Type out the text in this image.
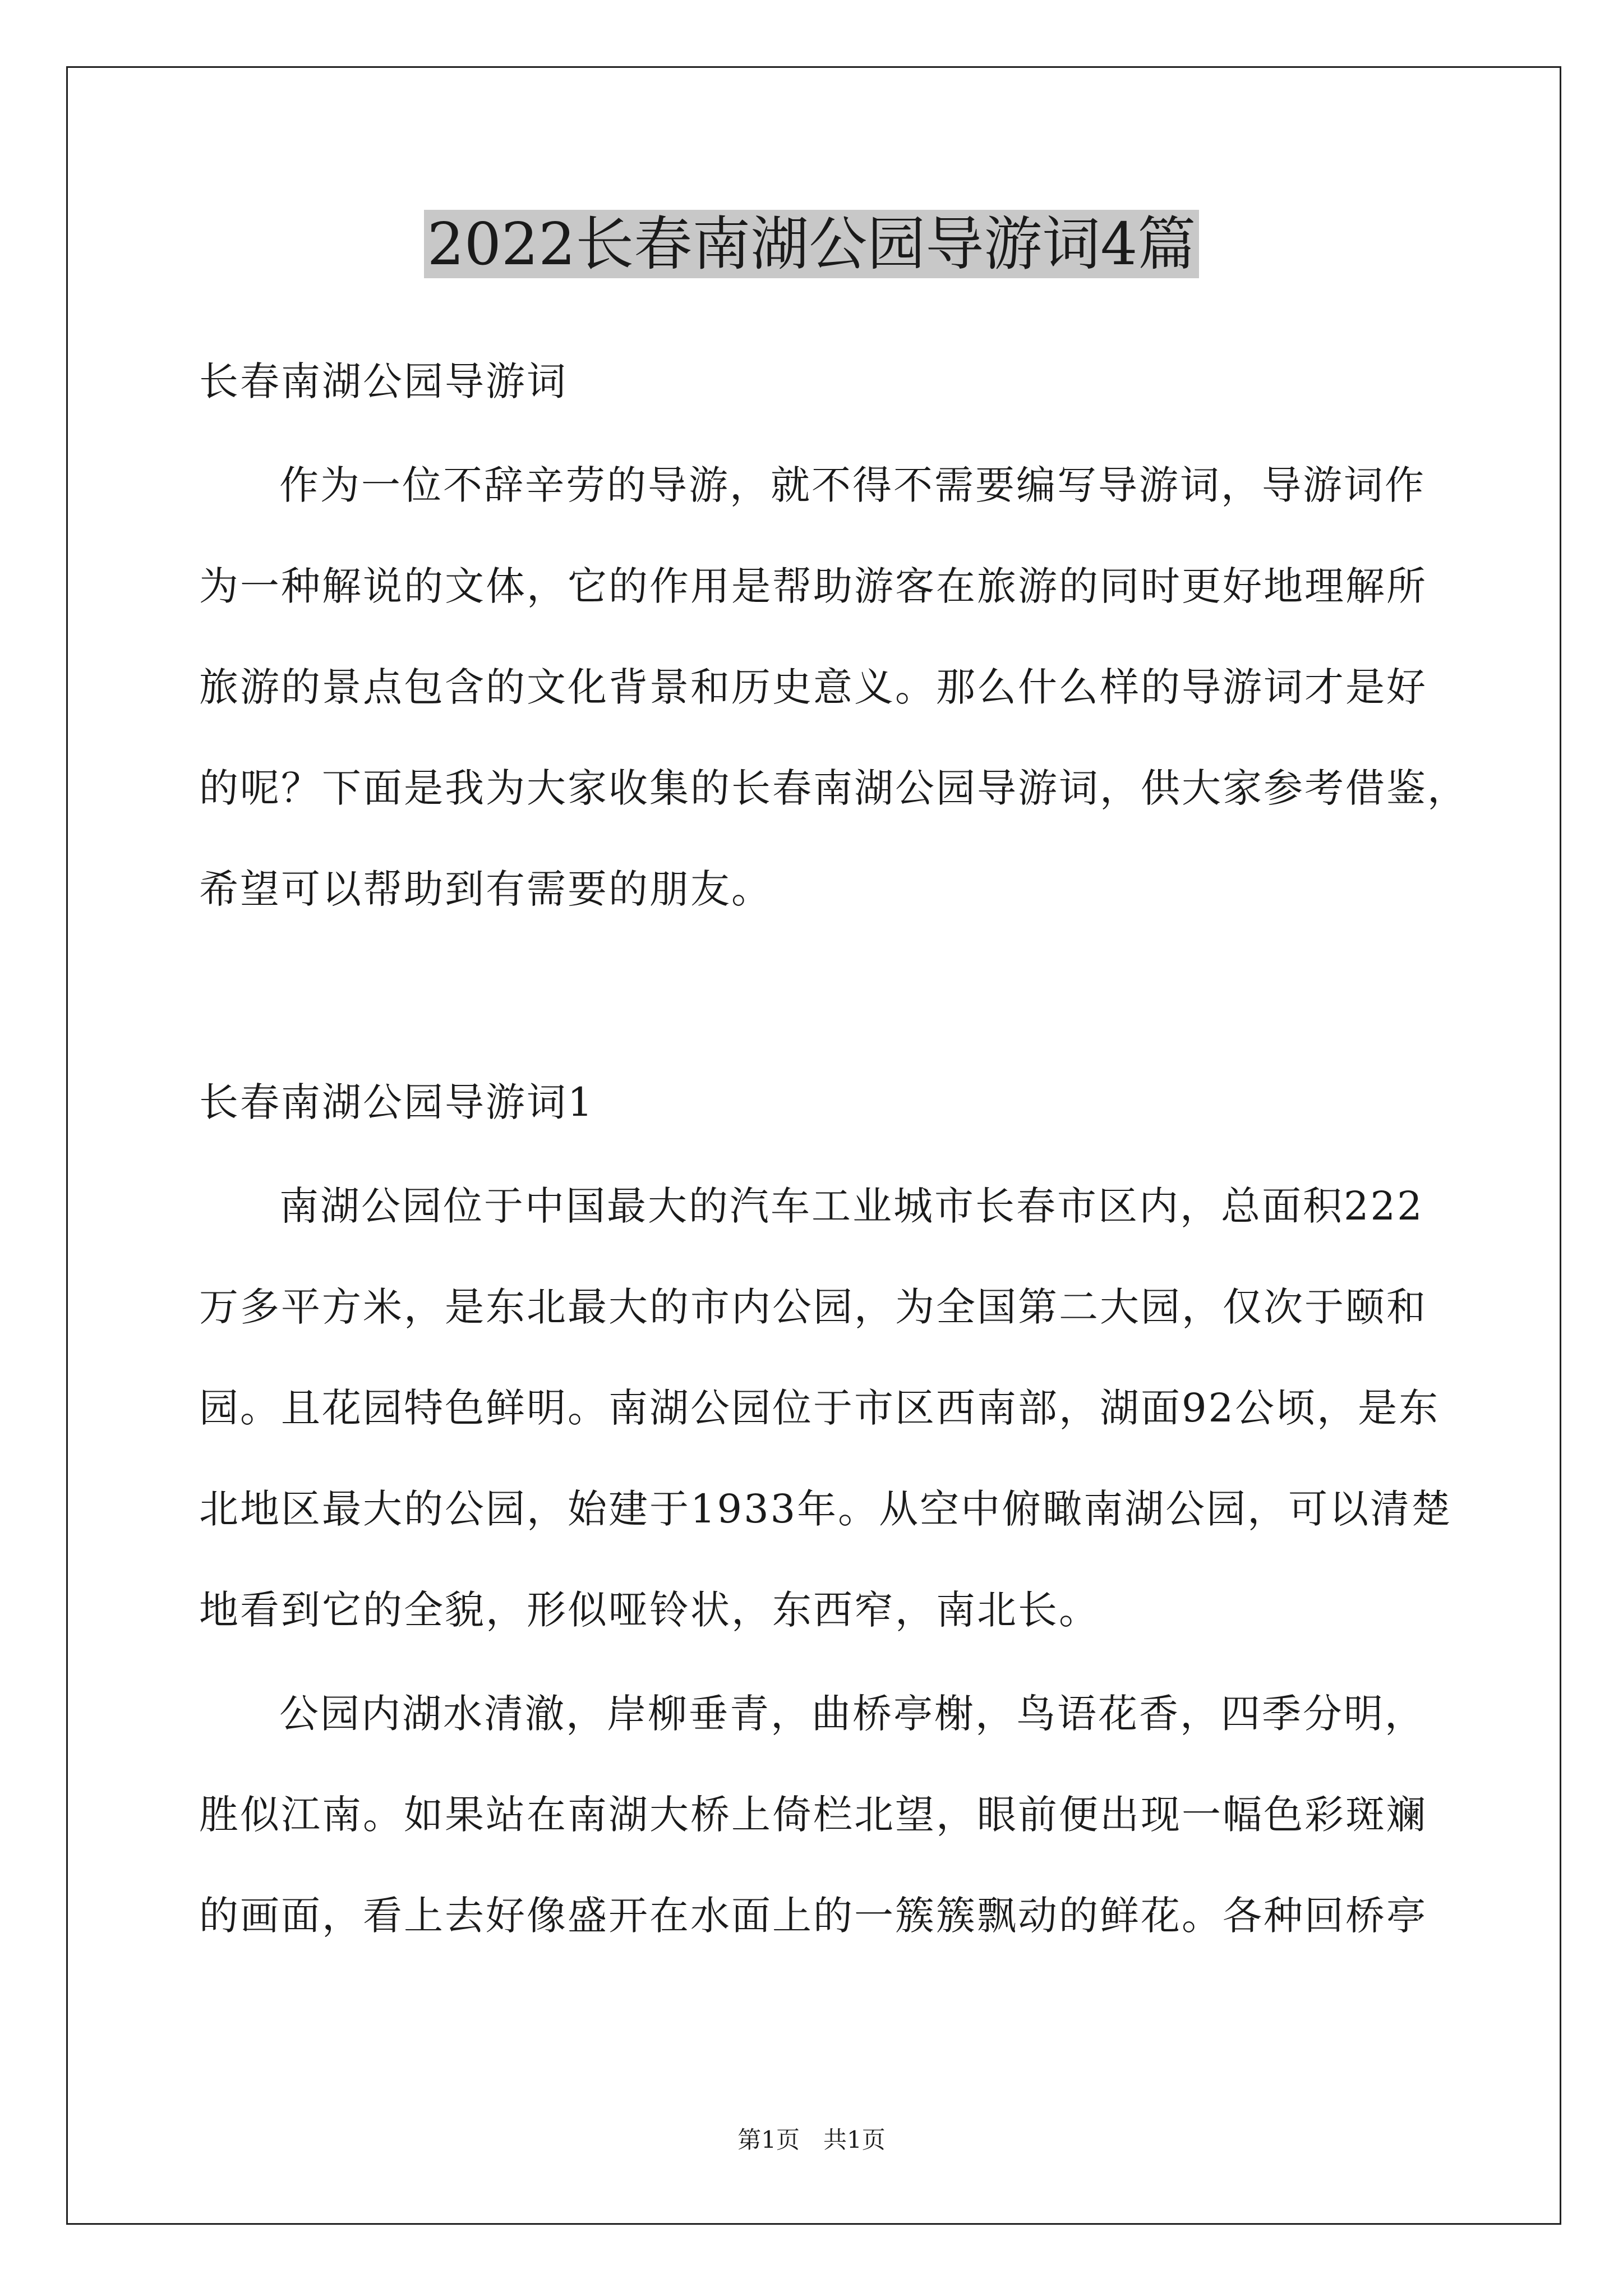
2022长春南湖公园导游词4篇
长春南湖公园导游词
作为一位不辞辛劳的导游，就不得不需要编写导游词，导游词作
为一种解说的文体，它的作用是帮助游客在旅游的同时更好地理解所
旅游的景点包含的文化背景和历史意义。那么什么样的导游词才是好
的呢？下面是我为大家收集的长春南湖公园导游词，供大家参考借鉴，
希望可以帮助到有需要的朋友。
长春南湖公园导游词1
南湖公园位于中国最大的汽车工业城市长春市区内，总面积222
万多平方米，是东北最大的市内公园，为全国第二大园，仅次于颐和
园。且花园特色鲜明。南湖公园位于市区西南部，湖面92公顷，是东
北地区最大的公园，始建于1933年。从空中俯瞰南湖公园，可以清楚
地看到它的全貌，形似哑铃状，东西窄，南北长。
公园内湖水清澈，岸柳垂青，曲桥亭榭，鸟语花香，四季分明，
胜似江南。如果站在南湖大桥上倚栏北望，眼前便出现一幅色彩斑斓
的画面，看上去好像盛开在水面上的一簇簇飘动的鲜花。各种回桥亭
第1页　共1页
